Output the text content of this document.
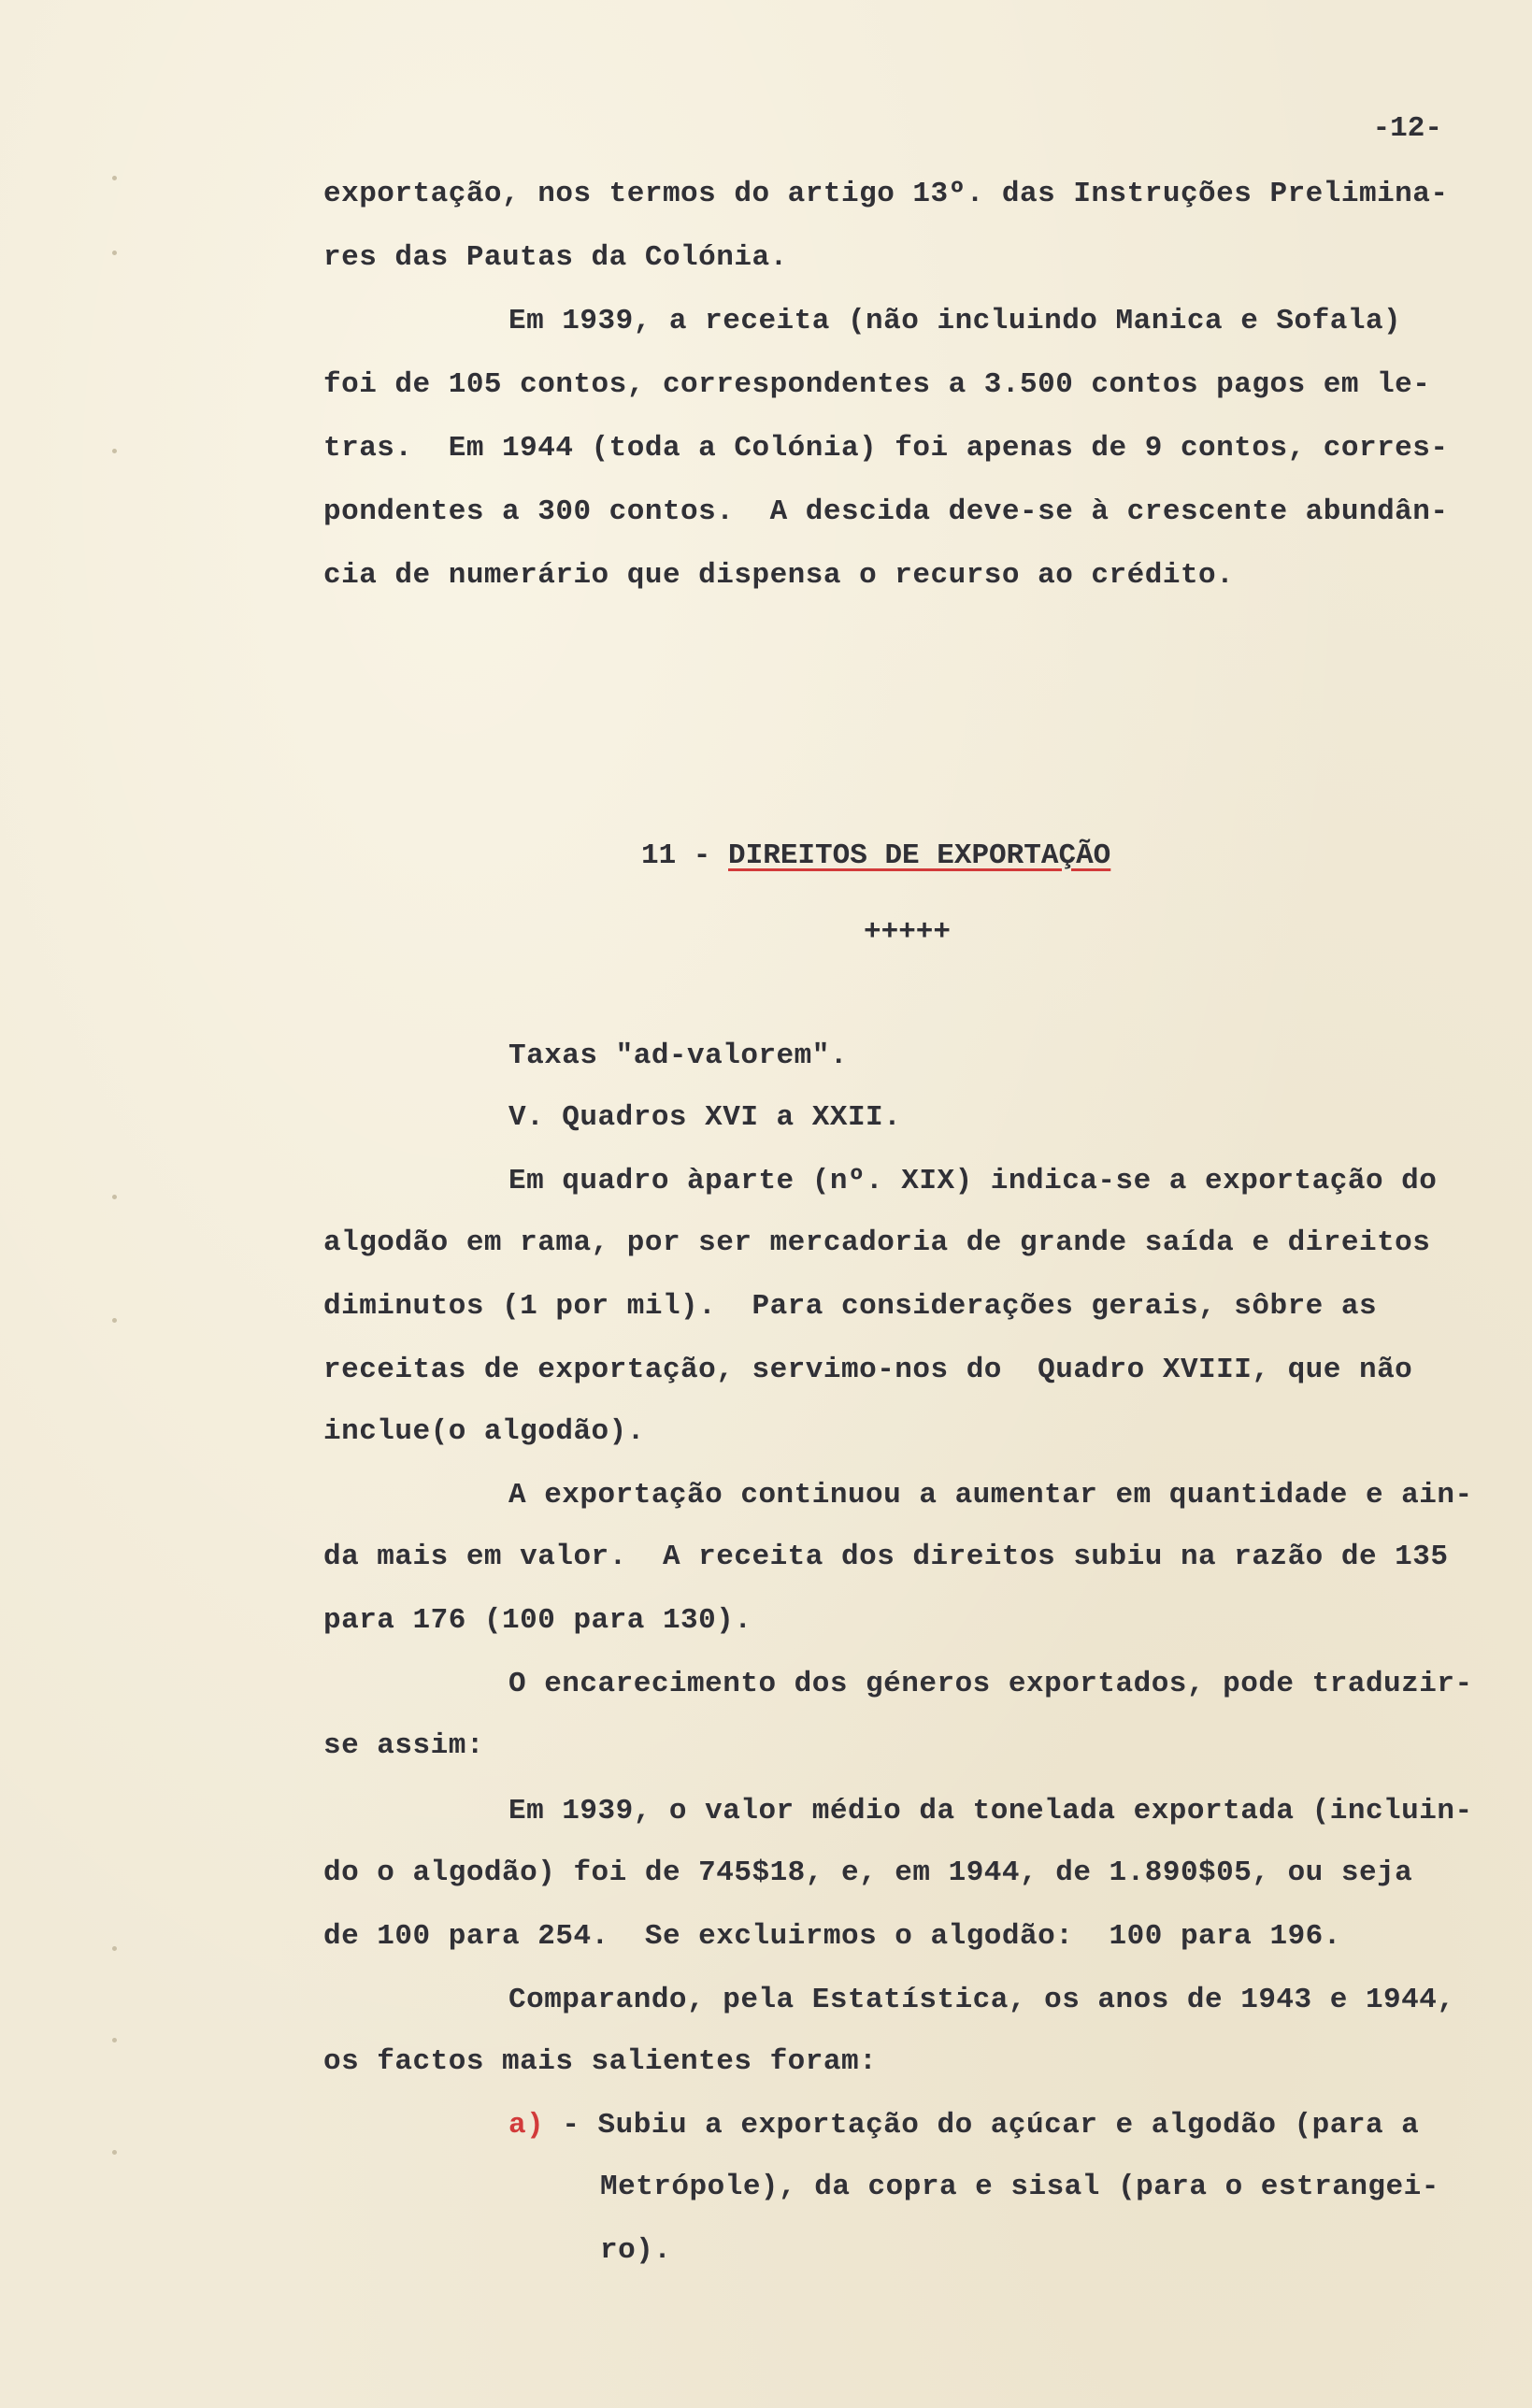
-12-
exportação, nos termos do artigo 13º. das Instruções Prelimina-
res das Pautas da Colónia.
Em 1939, a receita (não incluindo Manica e Sofala)
foi de 105 contos, correspondentes a 3.500 contos pagos em le-
tras.  Em 1944 (toda a Colónia) foi apenas de 9 contos, corres-
pondentes a 300 contos.  A descida deve-se à crescente abundân-
cia de numerário que dispensa o recurso ao crédito.
11 - DIREITOS DE EXPORTAÇÃO
+++++
Taxas "ad-valorem".
V. Quadros XVI a XXII.
Em quadro àparte (nº. XIX) indica-se a exportação do
algodão em rama, por ser mercadoria de grande saída e direitos
diminutos (1 por mil).  Para considerações gerais, sôbre as
receitas de exportação, servimo-nos do  Quadro XVIII, que não
inclue(o algodão).
A exportação continuou a aumentar em quantidade e ain-
da mais em valor.  A receita dos direitos subiu na razão de 135
para 176 (100 para 130).
O encarecimento dos géneros exportados, pode traduzir-
se assim:
Em 1939, o valor médio da tonelada exportada (incluin-
do o algodão) foi de 745$18, e, em 1944, de 1.890$05, ou seja
de 100 para 254.  Se excluirmos o algodão:  100 para 196.
Comparando, pela Estatística, os anos de 1943 e 1944,
os factos mais salientes foram:
a) - Subiu a exportação do açúcar e algodão (para a
Metrópole), da copra e sisal (para o estrangei-
ro).
